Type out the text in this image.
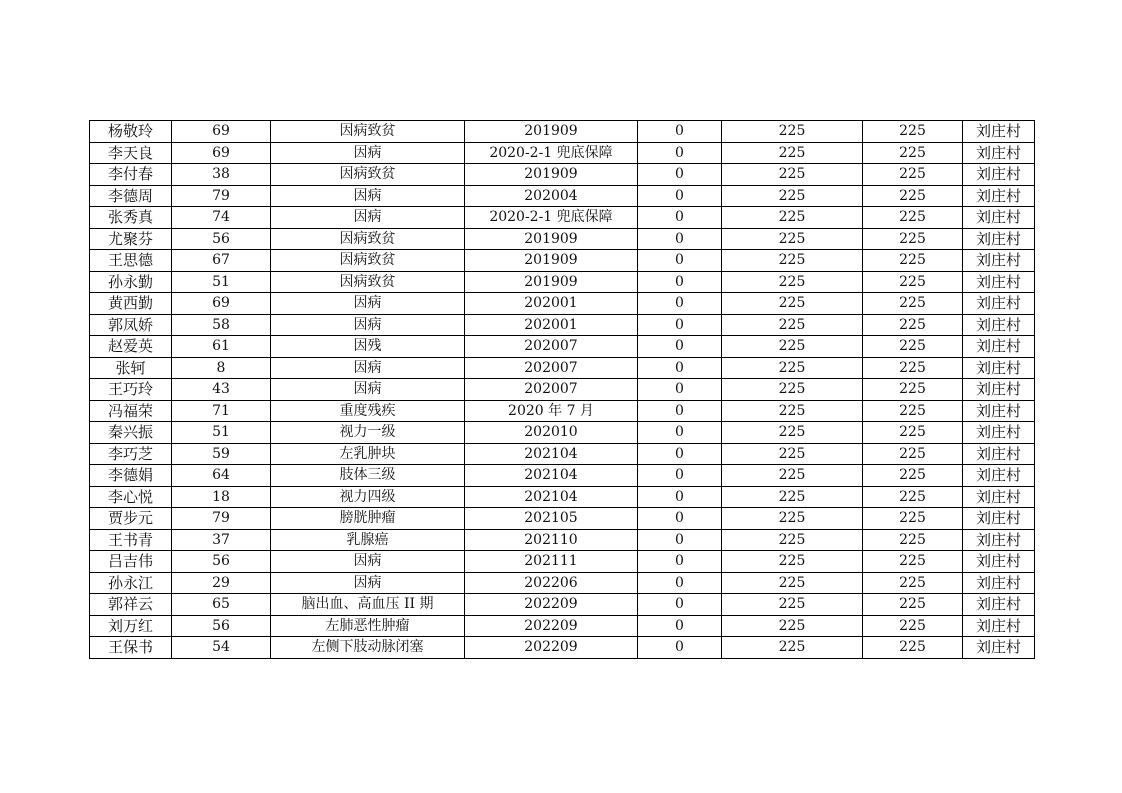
杨敬玲	69	因病致贫	201909	0	225	225	刘庄村
李天良	69	因病	2020-2-1 兜底保障	0	225	225	刘庄村
李付春	38	因病致贫	201909	0	225	225	刘庄村
李德周	79	因病	202004	0	225	225	刘庄村
张秀真	74	因病	2020-2-1 兜底保障	0	225	225	刘庄村
尤聚芬	56	因病致贫	201909	0	225	225	刘庄村
王思德	67	因病致贫	201909	0	225	225	刘庄村
孙永勤	51	因病致贫	201909	0	225	225	刘庄村
黄西勤	69	因病	202001	0	225	225	刘庄村
郭凤娇	58	因病	202001	0	225	225	刘庄村
赵爱英	61	因残	202007	0	225	225	刘庄村
张轲	8	因病	202007	0	225	225	刘庄村
王巧玲	43	因病	202007	0	225	225	刘庄村
冯福荣	71	重度残疾	2020 年 7 月	0	225	225	刘庄村
秦兴振	51	视力一级	202010	0	225	225	刘庄村
李巧芝	59	左乳肿块	202104	0	225	225	刘庄村
李德娟	64	肢体三级	202104	0	225	225	刘庄村
李心悦	18	视力四级	202104	0	225	225	刘庄村
贾步元	79	膀胱肿瘤	202105	0	225	225	刘庄村
王书青	37	乳腺癌	202110	0	225	225	刘庄村
吕吉伟	56	因病	202111	0	225	225	刘庄村
孙永江	29	因病	202206	0	225	225	刘庄村
郭祥云	65	脑出血、高血压 II 期	202209	0	225	225	刘庄村
刘万红	56	左肺恶性肿瘤	202209	0	225	225	刘庄村
王保书	54	左侧下肢动脉闭塞	202209	0	225	225	刘庄村
